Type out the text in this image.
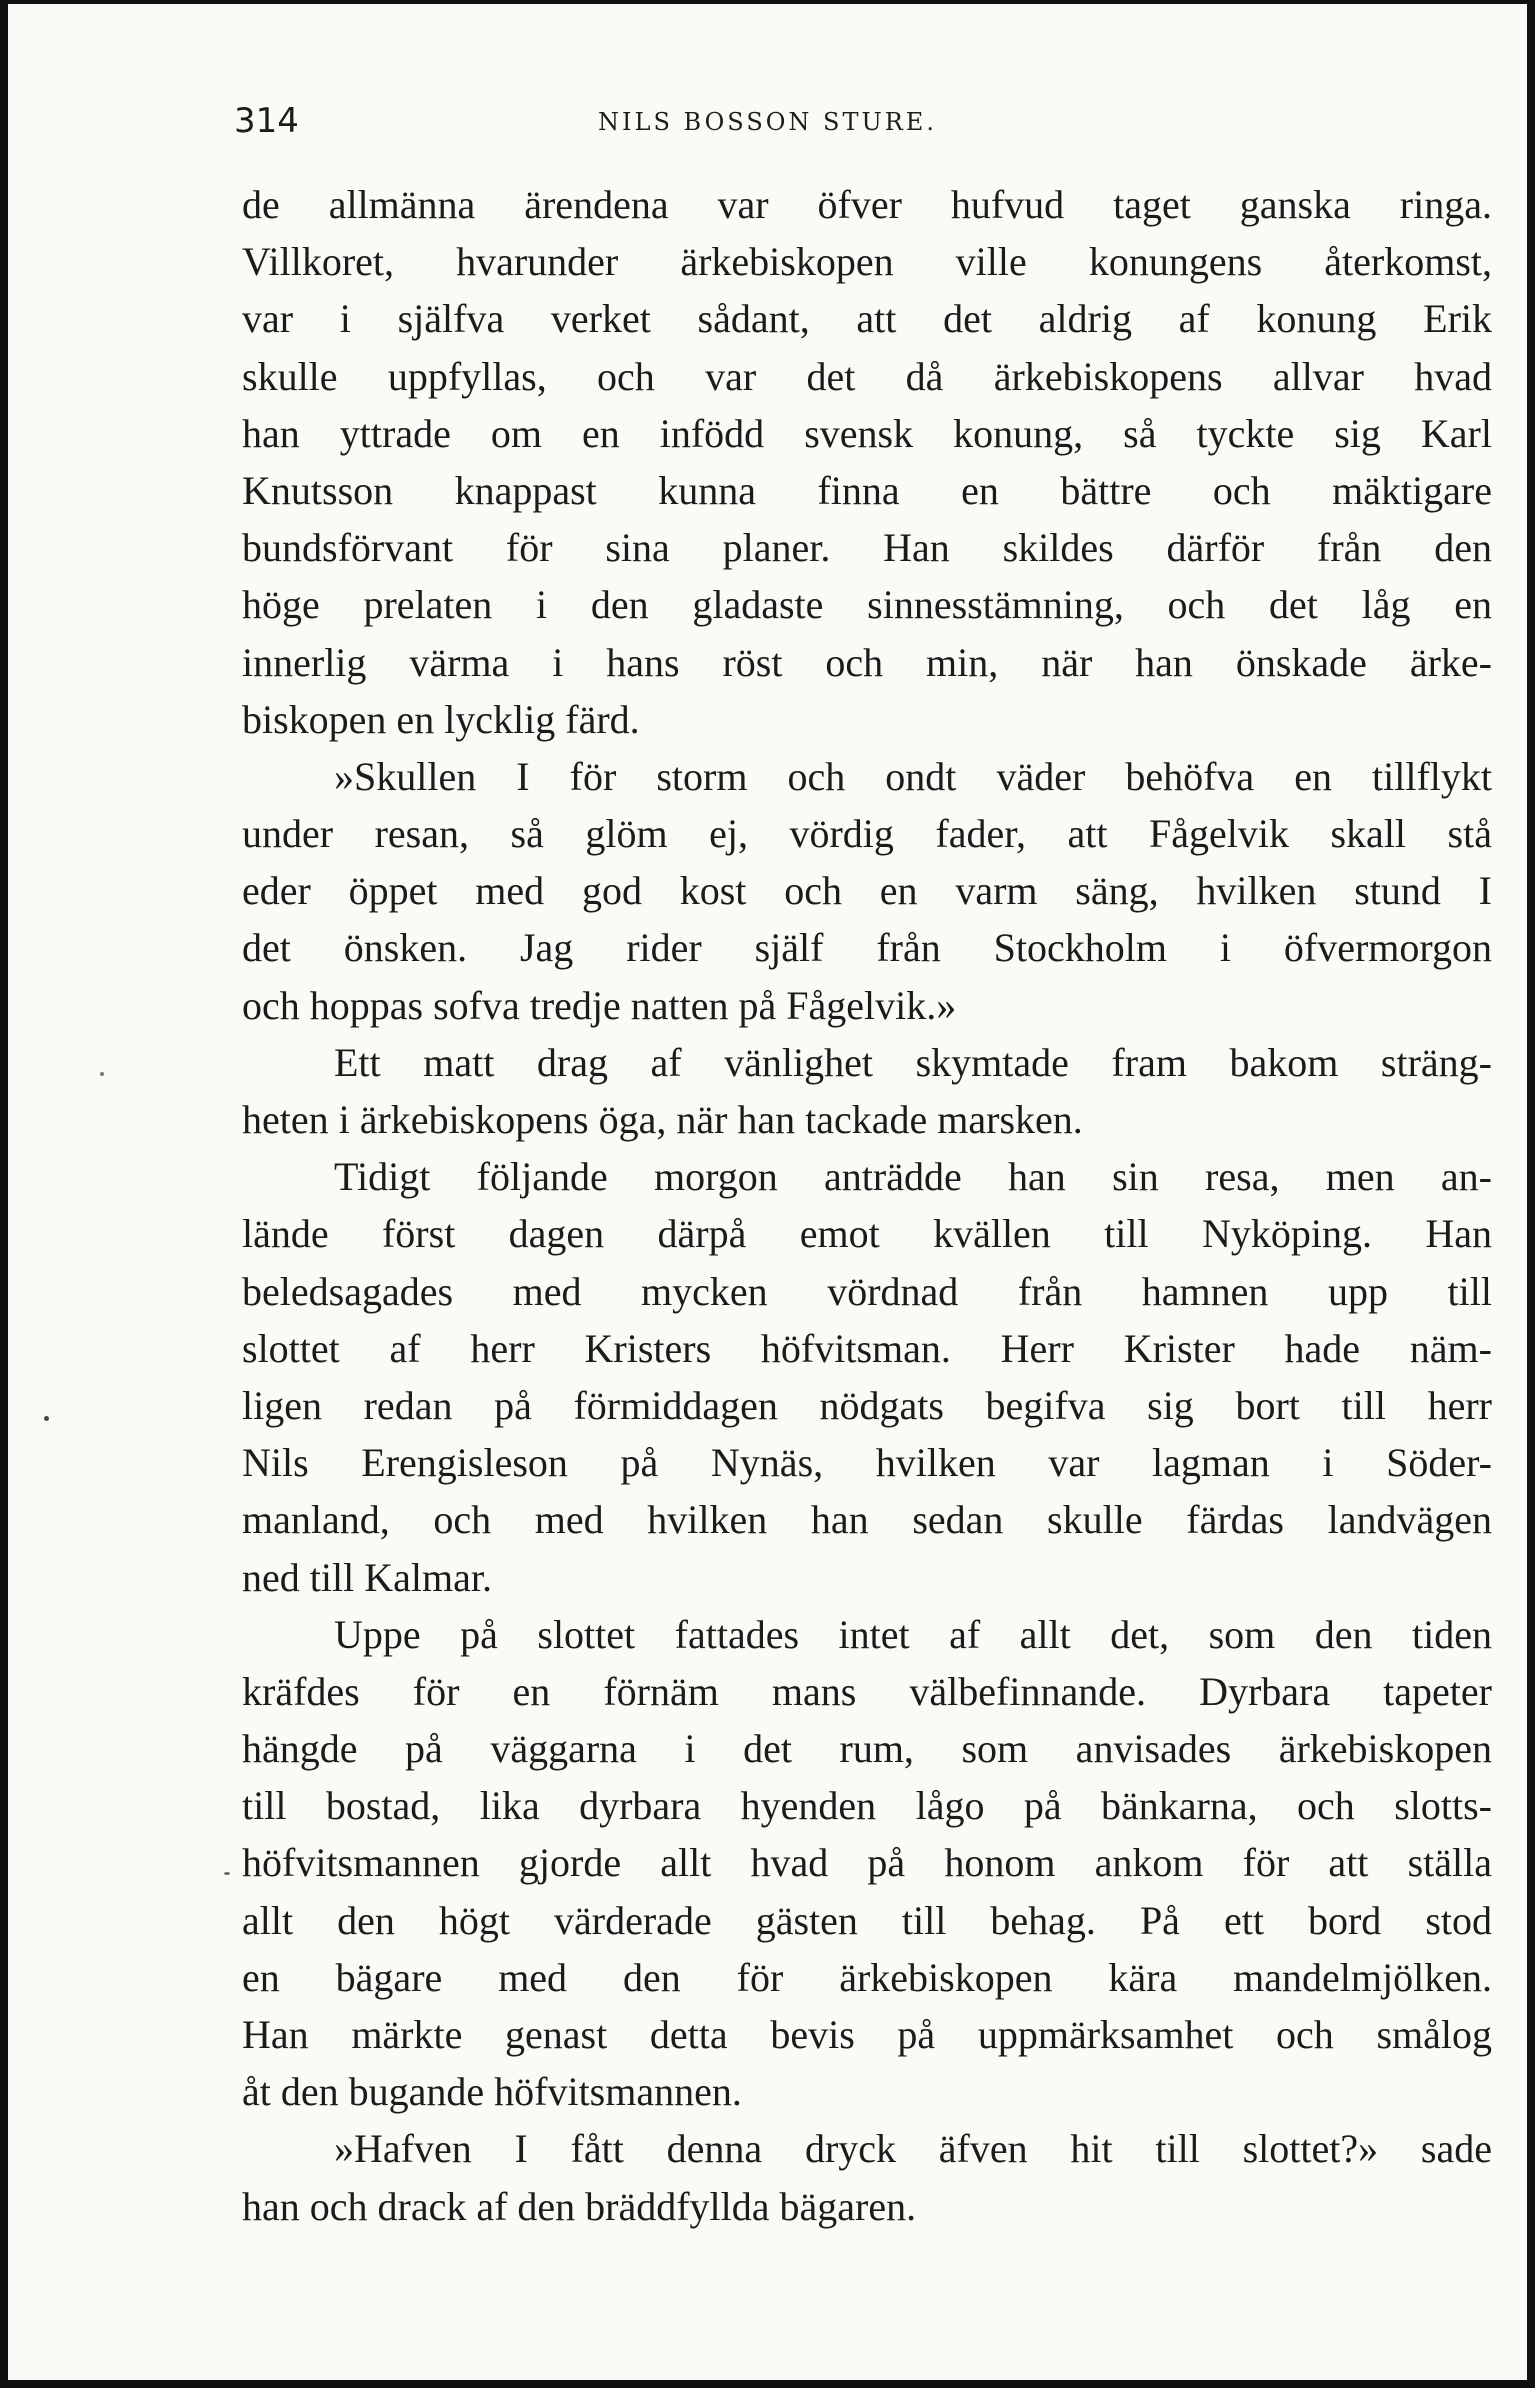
314	NILS BOSSON STURE.
de allmänna ärendena var öfver hufvud taget ganska ringa.
Villkoret, hvarunder ärkebiskopen ville konungens återkomst,
var i själfva verket sådant, att det aldrig af konung Erik
skulle uppfyllas, och var det då ärkebiskopens allvar hvad
han yttrade om en infödd svensk konung, så tyckte sig Karl
Knutsson knappast kunna finna en bättre och mäktigare
bundsförvant för sina planer. Han skildes därför från den
höge prelaten i den gladaste sinnesstämning, och det låg en
innerlig värma i hans röst och min, när han önskade ärke-
biskopen en lycklig färd.
»Skullen I för storm och ondt väder behöfva en tillflykt
under resan, så glöm ej, vördig fader, att Fågelvik skall stå
eder öppet med god kost och en varm säng, hvilken stund I
det önsken. Jag rider själf från Stockholm i öfvermorgon
och hoppas sofva tredje natten på Fågelvik.»
Ett matt drag af vänlighet skymtade fram bakom sträng-
heten i ärkebiskopens öga, när han tackade marsken.
Tidigt följande morgon anträdde han sin resa, men an-
lände först dagen därpå emot kvällen till Nyköping. Han
beledsagades med mycken vördnad från hamnen upp till
slottet af herr Kristers höfvitsman. Herr Krister hade näm-
ligen redan på förmiddagen nödgats begifva sig bort till herr
Nils Erengisleson på Nynäs, hvilken var lagman i Söder-
manland, och med hvilken han sedan skulle färdas landvägen
ned till Kalmar.
Uppe på slottet fattades intet af allt det, som den tiden
kräfdes för en förnäm mans välbefinnande. Dyrbara tapeter
hängde på väggarna i det rum, som anvisades ärkebiskopen
till bostad, lika dyrbara hyenden lågo på bänkarna, och slotts-
höfvitsmannen gjorde allt hvad på honom ankom för att ställa
allt den högt värderade gästen till behag. På ett bord stod
en bägare med den för ärkebiskopen kära mandelmjölken.
Han märkte genast detta bevis på uppmärksamhet och smålog
åt den bugande höfvitsmannen.
»Hafven I fått denna dryck äfven hit till slottet?» sade
han och drack af den bräddfyllda bägaren.
